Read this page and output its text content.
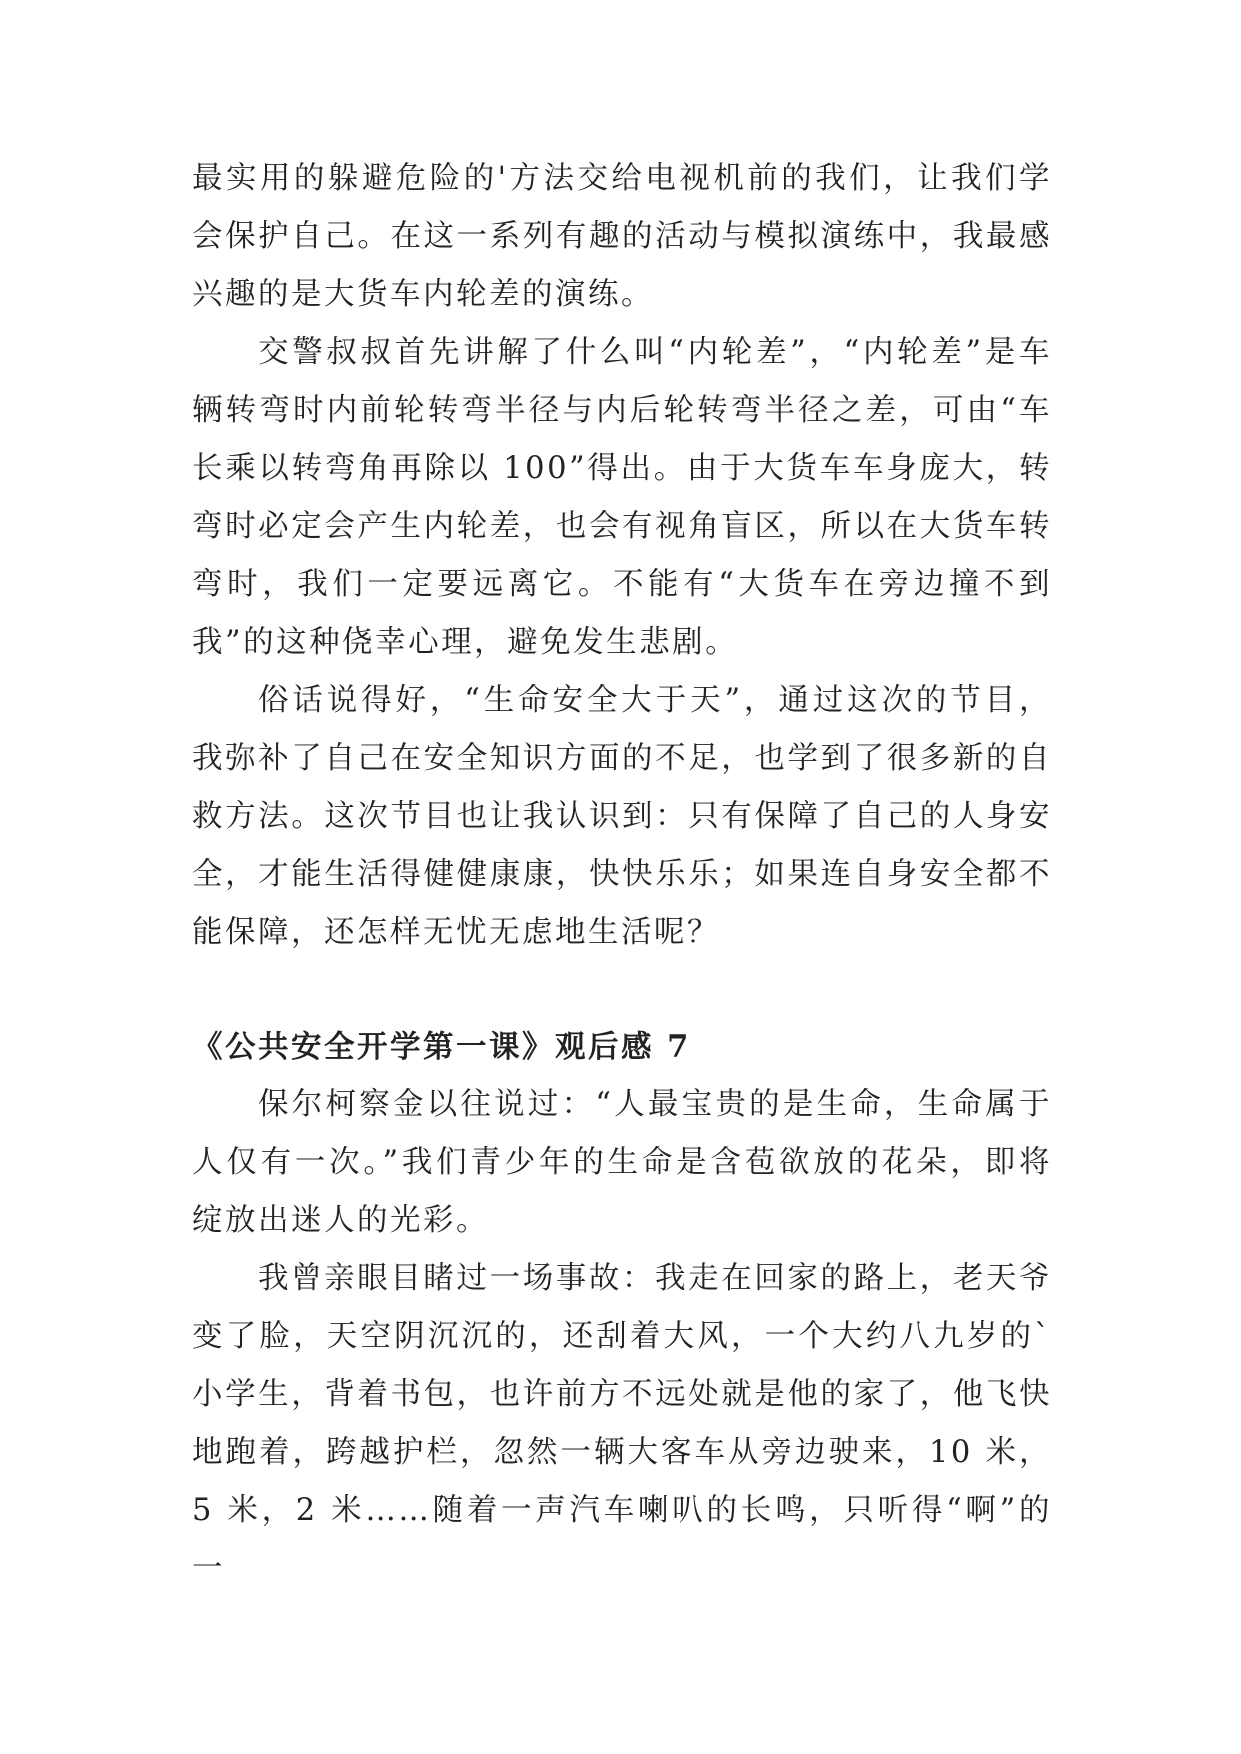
最实用的躲避危险的'方法交给电视机前的我们，让我们学会保护自己。在这一系列有趣的活动与模拟演练中，我最感兴趣的是大货车内轮差的演练。

交警叔叔首先讲解了什么叫“内轮差”，“内轮差”是车辆转弯时内前轮转弯半径与内后轮转弯半径之差，可由“车长乘以转弯角再除以 100”得出。由于大货车车身庞大，转弯时必定会产生内轮差，也会有视角盲区，所以在大货车转弯时，我们一定要远离它。不能有“大货车在旁边撞不到我”的这种侥幸心理，避免发生悲剧。

俗话说得好，“生命安全大于天”，通过这次的节目，我弥补了自己在安全知识方面的不足，也学到了很多新的自救方法。这次节目也让我认识到：只有保障了自己的人身安全，才能生活得健健康康，快快乐乐；如果连自身安全都不能保障，还怎样无忧无虑地生活呢？

《公共安全开学第一课》观后感 7

保尔柯察金以往说过：“人最宝贵的是生命，生命属于人仅有一次。”我们青少年的生命是含苞欲放的花朵，即将绽放出迷人的光彩。

我曾亲眼目睹过一场事故：我走在回家的路上，老天爷变了脸，天空阴沉沉的，还刮着大风，一个大约八九岁的`小学生，背着书包，也许前方不远处就是他的家了，他飞快地跑着，跨越护栏，忽然一辆大客车从旁边驶来，10 米，5 米，2 米……随着一声汽车喇叭的长鸣，只听得“啊”的一
